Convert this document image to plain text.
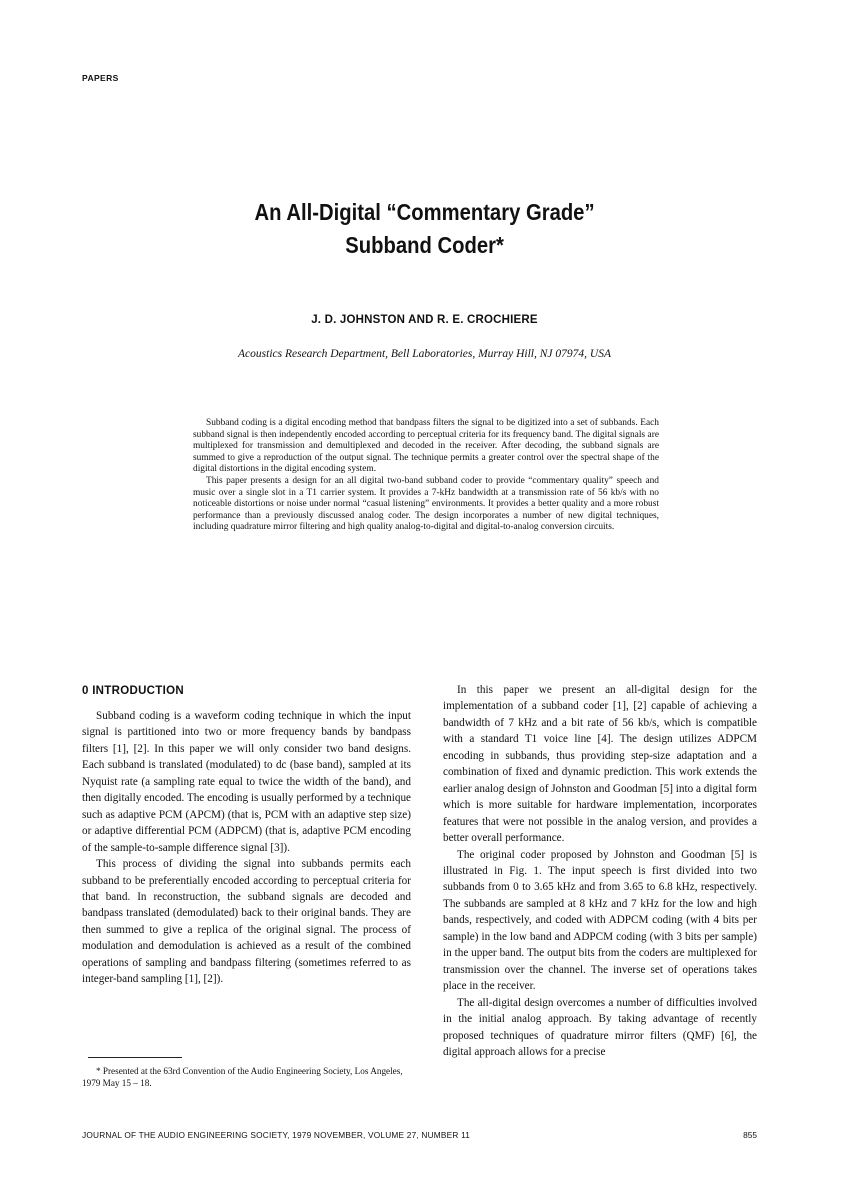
PAPERS
An All-Digital “Commentary Grade”
Subband Coder*
J. D. JOHNSTON AND R. E. CROCHIERE
Acoustics Research Department, Bell Laboratories, Murray Hill, NJ 07974, USA

Subband coding is a digital encoding method that bandpass filters the signal to be digitized into a set of subbands. Each subband signal is then independently encoded according to perceptual criteria for its frequency band. The digital signals are multiplexed for transmission and demultiplexed and decoded in the receiver. After decoding, the subband signals are summed to give a reproduction of the output signal. The technique permits a greater control over the spectral shape of the digital distortions in the digital encoding system.

This paper presents a design for an all digital two-band subband coder to provide “commentary quality” speech and music over a single slot in a T1 carrier system. It provides a 7-kHz bandwidth at a transmission rate of 56 kb/s with no noticeable distortions or noise under normal “casual listening” environments. It provides a better quality and a more robust performance than a previously discussed analog coder. The design incorporates a number of new digital techniques, including quadrature mirror filtering and high quality analog-to-digital and digital-to-analog conversion circuits.

0 INTRODUCTION

Subband coding is a waveform coding technique in which the input signal is partitioned into two or more frequency bands by bandpass filters [1], [2]. In this paper we will only consider two band designs. Each subband is translated (modulated) to dc (base band), sampled at its Nyquist rate (a sampling rate equal to twice the width of the band), and then digitally encoded. The encoding is usually performed by a technique such as adaptive PCM (APCM) (that is, PCM with an adaptive step size) or adaptive differential PCM (ADPCM) (that is, adaptive PCM encoding of the sample-to-sample difference signal [3]).

This process of dividing the signal into subbands permits each subband to be preferentially encoded according to perceptual criteria for that band. In reconstruction, the subband signals are decoded and bandpass translated (demodulated) back to their original bands. They are then summed to give a replica of the original signal. The process of modulation and demodulation is achieved as a result of the combined operations of sampling and bandpass filtering (sometimes referred to as integer-band sampling [1], [2]).

* Presented at the 63rd Convention of the Audio Engineering Society, Los Angeles, 1979 May 15 – 18.

In this paper we present an all-digital design for the implementation of a subband coder [1], [2] capable of achieving a bandwidth of 7 kHz and a bit rate of 56 kb/s, which is compatible with a standard T1 voice line [4]. The design utilizes ADPCM encoding in subbands, thus providing step-size adaptation and a combination of fixed and dynamic prediction. This work extends the earlier analog design of Johnston and Goodman [5] into a digital form which is more suitable for hardware implementation, incorporates features that were not possible in the analog version, and provides a better overall performance.

The original coder proposed by Johnston and Goodman [5] is illustrated in Fig. 1. The input speech is first divided into two subbands from 0 to 3.65 kHz and from 3.65 to 6.8 kHz, respectively. The subbands are sampled at 8 kHz and 7 kHz for the low and high bands, respectively, and coded with ADPCM coding (with 4 bits per sample) in the low band and ADPCM coding (with 3 bits per sample) in the upper band. The output bits from the coders are multiplexed for transmission over the channel. The inverse set of operations takes place in the receiver.

The all-digital design overcomes a number of difficulties involved in the initial analog approach. By taking advantage of recently proposed techniques of quadrature mirror filters (QMF) [6], the digital approach allows for a precise

JOURNAL OF THE AUDIO ENGINEERING SOCIETY, 1979 NOVEMBER, VOLUME 27, NUMBER 11	855
